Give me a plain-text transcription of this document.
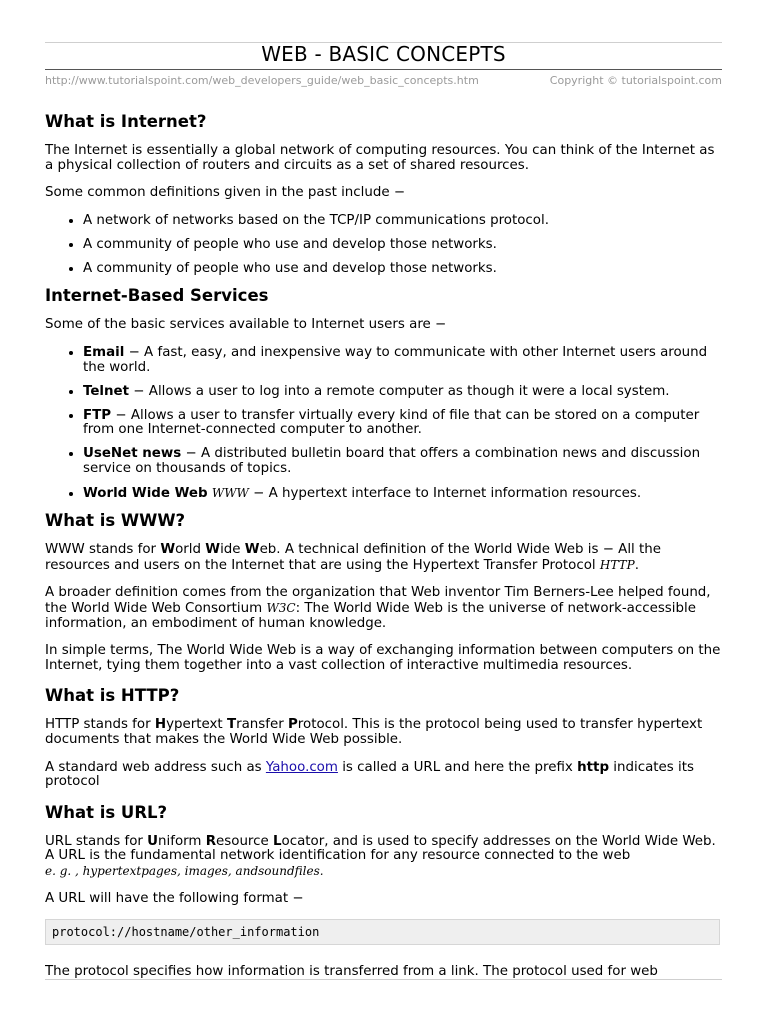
WEB - BASIC CONCEPTS
http://www.tutorialspoint.com/web_developers_guide/web_basic_concepts.htm	Copyright © tutorialspoint.com
What is Internet?

The Internet is essentially a global network of computing resources. You can think of the Internet as a physical collection of routers and circuits as a set of shared resources.

Some common definitions given in the past include −

• A network of networks based on the TCP/IP communications protocol.
• A community of people who use and develop those networks.
• A community of people who use and develop those networks.
Internet-Based Services

Some of the basic services available to Internet users are −

• Email − A fast, easy, and inexpensive way to communicate with other Internet users around the world.
• Telnet − Allows a user to log into a remote computer as though it were a local system.
• FTP − Allows a user to transfer virtually every kind of file that can be stored on a computer from one Internet-connected computer to another.
• UseNet news − A distributed bulletin board that offers a combination news and discussion service on thousands of topics.
• World Wide Web WWW − A hypertext interface to Internet information resources.
What is WWW?

WWW stands for World Wide Web. A technical definition of the World Wide Web is − All the resources and users on the Internet that are using the Hypertext Transfer Protocol HTTP.

A broader definition comes from the organization that Web inventor Tim Berners-Lee helped found, the World Wide Web Consortium W3C: The World Wide Web is the universe of network-accessible information, an embodiment of human knowledge.

In simple terms, The World Wide Web is a way of exchanging information between computers on the Internet, tying them together into a vast collection of interactive multimedia resources.

What is HTTP?

HTTP stands for Hypertext Transfer Protocol. This is the protocol being used to transfer hypertext documents that makes the World Wide Web possible.

A standard web address such as Yahoo.com is called a URL and here the prefix http indicates its protocol

What is URL?

URL stands for Uniform Resource Locator, and is used to specify addresses on the World Wide Web. A URL is the fundamental network identification for any resource connected to the web
e. g. , hypertextpages, images, andsoundfiles.

A URL will have the following format −

protocol://hostname/other_information
The protocol specifies how information is transferred from a link. The protocol used for web
